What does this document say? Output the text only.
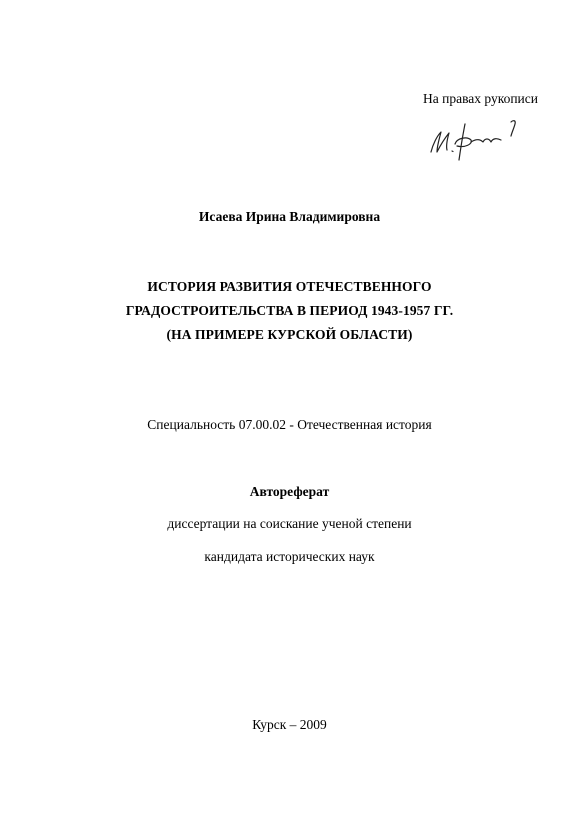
На правах рукописи
Исаева Ирина Владимировна
ИСТОРИЯ РАЗВИТИЯ ОТЕЧЕСТВЕННОГО
ГРАДОСТРОИТЕЛЬСТВА В ПЕРИОД 1943-1957 ГГ.
(НА ПРИМЕРЕ КУРСКОЙ ОБЛАСТИ)
Специальность 07.00.02 - Отечественная история
Автореферат
диссертации на соискание ученой степени
кандидата исторических наук
Курск – 2009
